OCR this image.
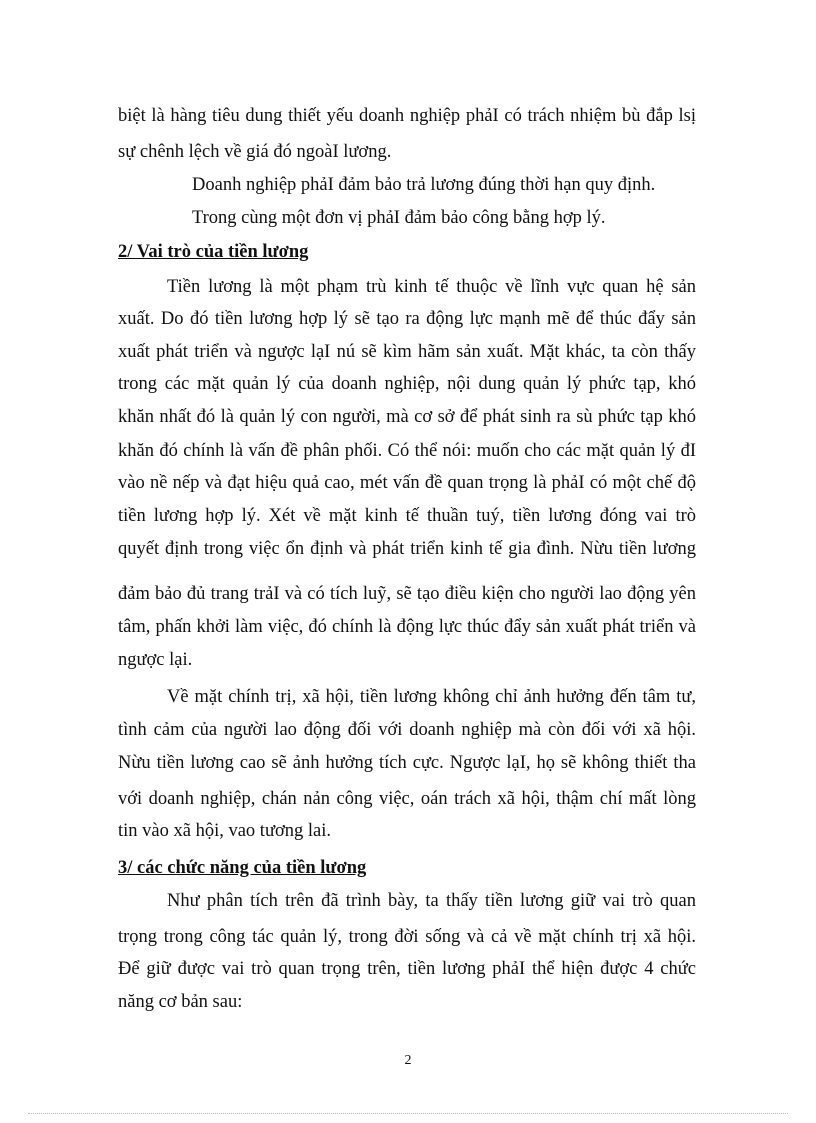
biệt là hàng tiêu dung thiết yếu doanh nghiệp phảI có trách nhiệm bù đắp lsị
sự chênh lệch về giá đó ngoàI lương.
Doanh nghiệp phảI đảm bảo trả lương đúng thời hạn quy định.
Trong cùng một đơn vị phảI đảm bảo công bằng hợp lý.
2/ Vai trò của tiền lương
Tiền lương là một phạm trù kinh tế thuộc về lĩnh vực quan hệ sản
xuất. Do đó tiền lương hợp lý sẽ tạo ra động lực mạnh mẽ để thúc đẩy sản
xuất phát triển và ngược lạI nú sẽ kìm hãm sản xuất. Mặt khác, ta còn thấy
trong các mặt quản lý của doanh nghiệp, nội dung quản lý phức tạp, khó
khăn nhất đó là quản lý con người, mà cơ sở để phát sinh ra sù phức tạp khó
khăn đó chính là vấn đề phân phối. Có thể nói: muốn cho các mặt quản lý đI
vào nề nếp và đạt hiệu quả cao, mét vấn đề quan trọng là phảI có một chế độ
tiền lương hợp lý. Xét về mặt kinh tế thuần tuý, tiền lương đóng vai trò
quyết định trong việc ổn định và phát triển kinh tế gia đình. Nừu tiền lương
đảm bảo đủ trang trảI và có tích luỹ, sẽ tạo điều kiện cho người lao động yên
tâm, phấn khởi làm việc, đó chính là động lực thúc đẩy sản xuất phát triển và
ngược lại.
Về mặt chính trị, xã hội, tiền lương không chỉ ảnh hưởng đến tâm tư,
tình cảm của người lao động đối với doanh nghiệp mà còn đối với xã hội.
Nừu tiền lương cao sẽ ảnh hưởng tích cực. Ngược lạI, họ sẽ không thiết tha
với doanh nghiệp, chán nản công việc, oán trách xã hội, thậm chí mất lòng
tin vào xã hội, vao tương lai.
3/ các chức năng của tiền lương
Như phân tích trên đã trình bày, ta thấy tiền lương giữ vai trò quan
trọng trong công tác quản lý, trong đời sống và cả về mặt chính trị xã hội.
Để giữ được vai trò quan trọng trên, tiền lương phảI thể hiện được 4 chức
năng cơ bản sau:
2
